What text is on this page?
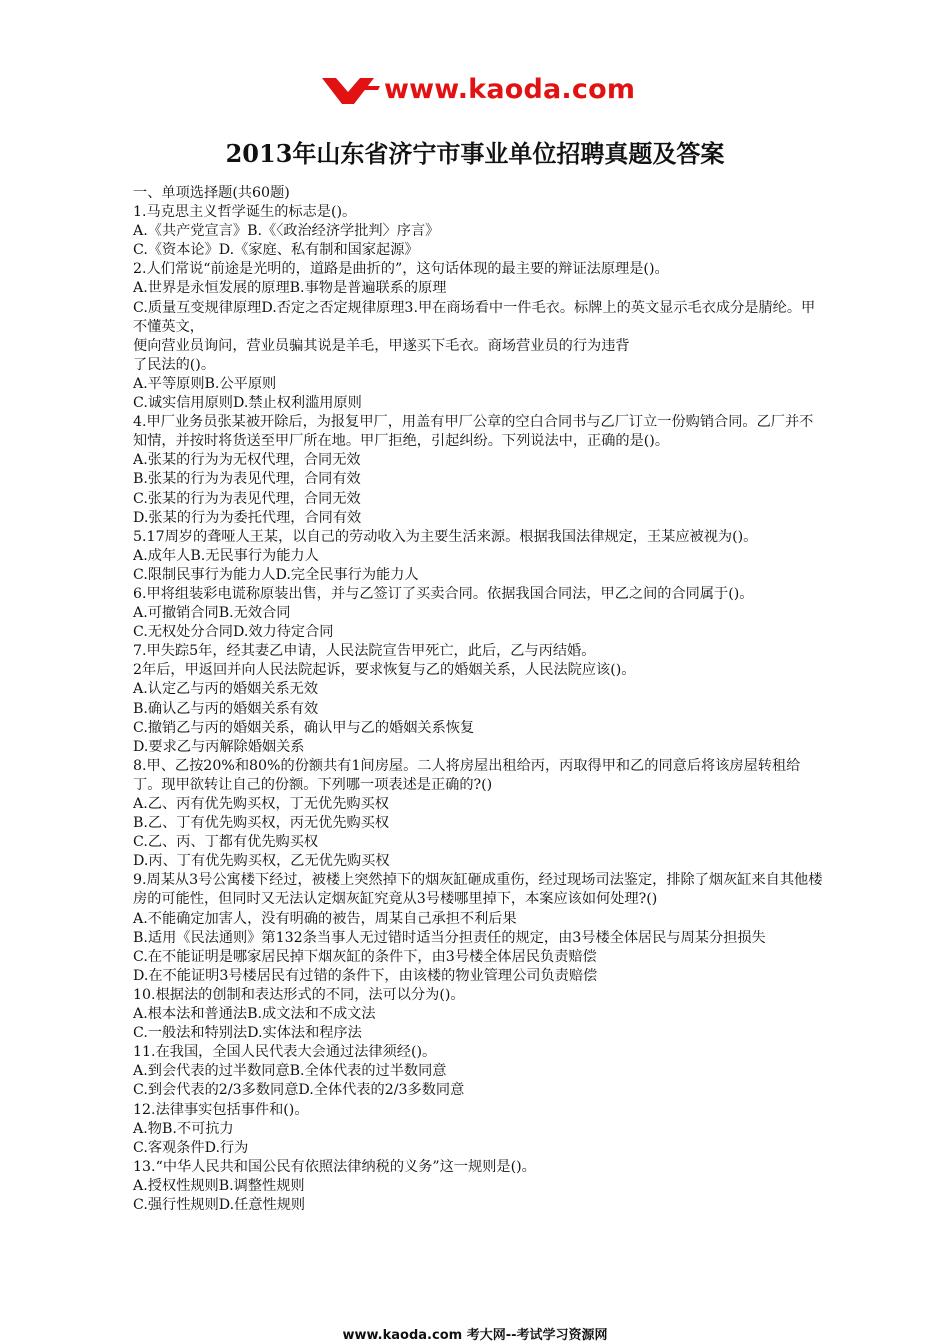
www.kaoda.com
2013年山东省济宁市事业单位招聘真题及答案

一、单项选择题(共60题)

1.马克思主义哲学诞生的标志是()。

A.《共产党宣言》B.《〈政治经济学批判〉序言》

C.《资本论》D.《家庭、私有制和国家起源》

2.人们常说“前途是光明的，道路是曲折的”，这句话体现的最主要的辩证法原理是()。

A.世界是永恒发展的原理B.事物是普遍联系的原理

C.质量互变规律原理D.否定之否定规律原理3.甲在商场看中一件毛衣。标牌上的英文显示毛衣成分是腈纶。甲不懂英文，

便向营业员询问，营业员骗其说是羊毛，甲遂买下毛衣。商场营业员的行为违背

了民法的()。

A.平等原则B.公平原则

C.诚实信用原则D.禁止权利滥用原则

4.甲厂业务员张某被开除后，为报复甲厂，用盖有甲厂公章的空白合同书与乙厂订立一份购销合同。乙厂并不知情，并按时将货送至甲厂所在地。甲厂拒绝，引起纠纷。下列说法中，正确的是()。

A.张某的行为为无权代理，合同无效

B.张某的行为为表见代理，合同有效

C.张某的行为为表见代理，合同无效

D.张某的行为为委托代理，合同有效

5.17周岁的聋哑人王某，以自己的劳动收入为主要生活来源。根据我国法律规定，王某应被视为()。

A.成年人B.无民事行为能力人

C.限制民事行为能力人D.完全民事行为能力人

6.甲将组装彩电谎称原装出售，并与乙签订了买卖合同。依据我国合同法，甲乙之间的合同属于()。

A.可撤销合同B.无效合同

C.无权处分合同D.效力待定合同

7.甲失踪5年，经其妻乙申请，人民法院宣告甲死亡，此后，乙与丙结婚。

2年后，甲返回并向人民法院起诉，要求恢复与乙的婚姻关系，人民法院应该()。

A.认定乙与丙的婚姻关系无效

B.确认乙与丙的婚姻关系有效

C.撤销乙与丙的婚姻关系，确认甲与乙的婚姻关系恢复

D.要求乙与丙解除婚姻关系

8.甲、乙按20%和80%的份额共有1间房屋。二人将房屋出租给丙，丙取得甲和乙的同意后将该房屋转租给丁。现甲欲转让自己的份额。下列哪一项表述是正确的?()

A.乙、丙有优先购买权，丁无优先购买权

B.乙、丁有优先购买权，丙无优先购买权

C.乙、丙、丁都有优先购买权

D.丙、丁有优先购买权，乙无优先购买权

9.周某从3号公寓楼下经过，被楼上突然掉下的烟灰缸砸成重伤，经过现场司法鉴定，排除了烟灰缸来自其他楼房的可能性，但同时又无法认定烟灰缸究竟从3号楼哪里掉下，本案应该如何处理?()

A.不能确定加害人，没有明确的被告，周某自己承担不利后果

B.适用《民法通则》第132条当事人无过错时适当分担责任的规定，由3号楼全体居民与周某分担损失

C.在不能证明是哪家居民掉下烟灰缸的条件下，由3号楼全体居民负责赔偿

D.在不能证明3号楼居民有过错的条件下，由该楼的物业管理公司负责赔偿

10.根据法的创制和表达形式的不同，法可以分为()。

A.根本法和普通法B.成文法和不成文法

C.一般法和特别法D.实体法和程序法

11.在我国，全国人民代表大会通过法律须经()。

A.到会代表的过半数同意B.全体代表的过半数同意

C.到会代表的2/3多数同意D.全体代表的2/3多数同意

12.法律事实包括事件和()。

A.物B.不可抗力

C.客观条件D.行为

13.“中华人民共和国公民有依照法律纳税的义务”这一规则是()。

A.授权性规则B.调整性规则

C.强行性规则D.任意性规则

www.kaoda.com 考大网--考试学习资源网
